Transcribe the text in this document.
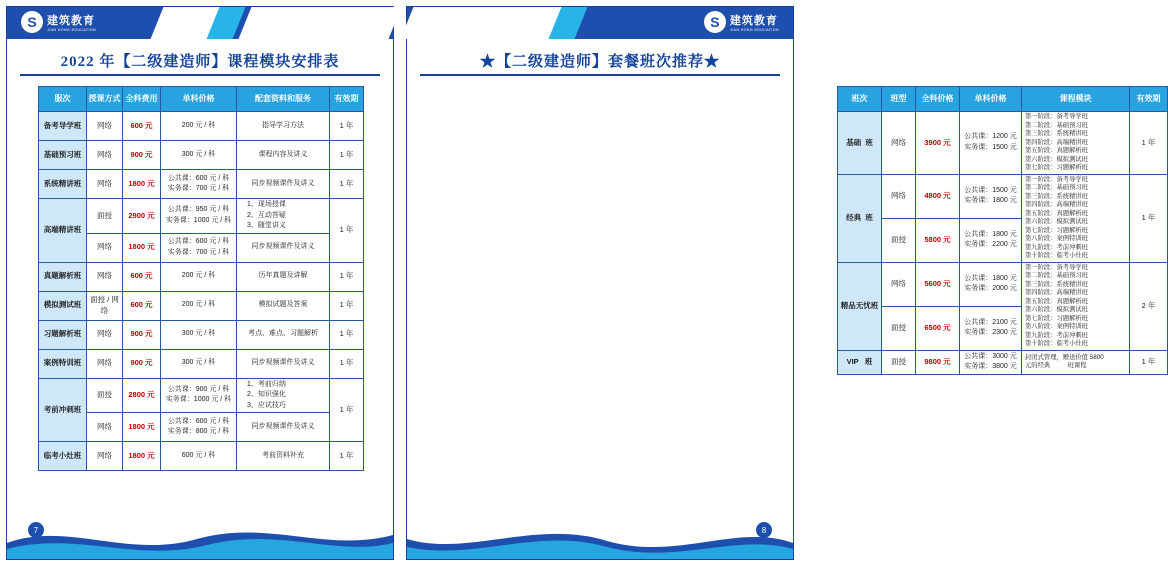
S 建筑教育
JIAN HONG EDUCATION
2022 年【二级建造师】课程模块安排表
服次	授课方式	全科费用	单科价格	配套资料和服务	有效期
备考导学班	网络	600 元	200 元 / 科	指导学习方法	1 年
基础预习班	网络	900 元	300 元 / 科	课程内容及讲义	1 年
系统精讲班	网络	1800 元	公共课：600 元 / 科
实务课：700 元 / 科	同步视频课件及讲义	1 年
高端精讲班	面授	2900 元	公共课：950 元 / 科
实务课：1000 元 / 科	1、现场授课
2、互动答疑
3、随堂讲义	1 年
	网络	1800 元	公共课：600 元 / 科
实务课：700 元 / 科	同步视频课件及讲义	
真题解析班	网络	600 元	200 元 / 科	历年真题及讲解	1 年
模拟测试班	面授 / 网络	600 元	200 元 / 科	模拟试题及答案	1 年
习题解析班	网络	900 元	300 元 / 科	考点、难点、习题解析	1 年
案例特训班	网络	900 元	300 元 / 科	同步视频课件及讲义	1 年
考前冲刺班	面授	2800 元	公共课：900 元 / 科
实务课：1000 元 / 科	1、考前归纳
2、知识强化
3、应试技巧	1 年
	网络	1800 元	公共课：600 元 / 科
实务课：800 元 / 科	同步视频课件及讲义	
临考小灶班	网络	1800 元	600 元 / 科	考前资料补充	1 年
7
S 建筑教育
JIAN HONG EDUCATION
★【二级建造师】套餐班次推荐★
班次	班型	全科价格	单科价格	课程模块	有效期
基础  班	网络	3900 元	公共课：1200 元
实务课：1500 元	第一阶段：备考导学班
第二阶段：基础预习班
第三阶段：系统精讲班
第四阶段：高端精讲班
第五阶段：真题解析班
第六阶段：模拟测试班
第七阶段：习题解析班	1 年
经典  班	网络	4800 元	公共课：1500 元
实务课：1800 元	第一阶段：备考导学班
第二阶段：基础预习班
第三阶段：系统精讲班
第四阶段：高端精讲班
第五阶段：真题解析班
第六阶段：模拟测试班
第七阶段：习题解析班
第八阶段：案例特训班
第九阶段：考前冲刺班
第十阶段：临考小灶班	1 年
	面授	5800 元	公共课：1800 元
实务课：2200 元		
精品无忧班	网络	5600 元	公共课：1800 元
实务课：2000 元	第一阶段：备考导学班
第二阶段：基础预习班
第三阶段：系统精讲班
第四阶段：高端精讲班
第五阶段：真题解析班
第六阶段：模拟测试班
第七阶段：习题解析班
第八阶段：案例特训班
第九阶段：考前冲刺班
第十阶段：临考小灶班	2 年
	面授	6500 元	公共课：2100 元
实务课：2300 元		
VIP   班	面授	9800 元	公共课：3000 元
实务课：3800 元	封闭式管理，赠送价值 5800
元的经典          班课程	1 年
8
